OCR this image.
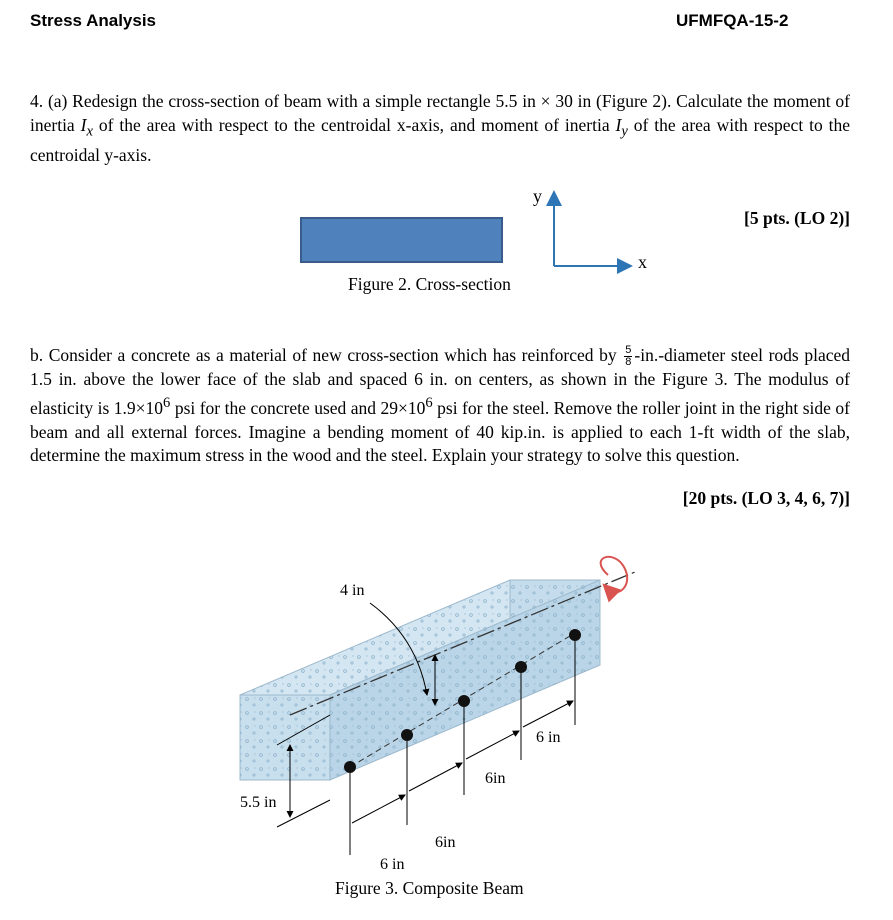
Stress Analysis	UFMFQA-15-2
4. (a) Redesign the cross-section of beam with a simple rectangle 5.5 in × 30 in (Figure 2). Calculate the moment of inertia $I_x$ of the area with respect to the centroidal x-axis, and moment of inertia $I_y$ of the area with respect to the centroidal y-axis.
y
x
[5 pts. (LO 2)]
Figure 2. Cross-section
b. Consider a concrete as a material of new cross-section which has reinforced by $\frac{5}{8}$ -in.-diameter steel rods placed 1.5 in. above the lower face of the slab and spaced 6 in. on centers, as shown in the Figure 3. The modulus of elasticity is $1.9\times 10^6$ psi for the concrete used and $29\times 10^6$ psi for the steel. Remove the roller joint in the right side of beam and all external forces. Imagine a bending moment of 40 kip.in. is applied to each 1-ft width of the slab, determine the maximum stress in the wood and the steel. Explain your strategy to solve this question.
[20 pts. (LO 3, 4, 6, 7)]
4 in
5.5 in
6 in
6in
6in
6 in
Figure 3. Composite Beam
